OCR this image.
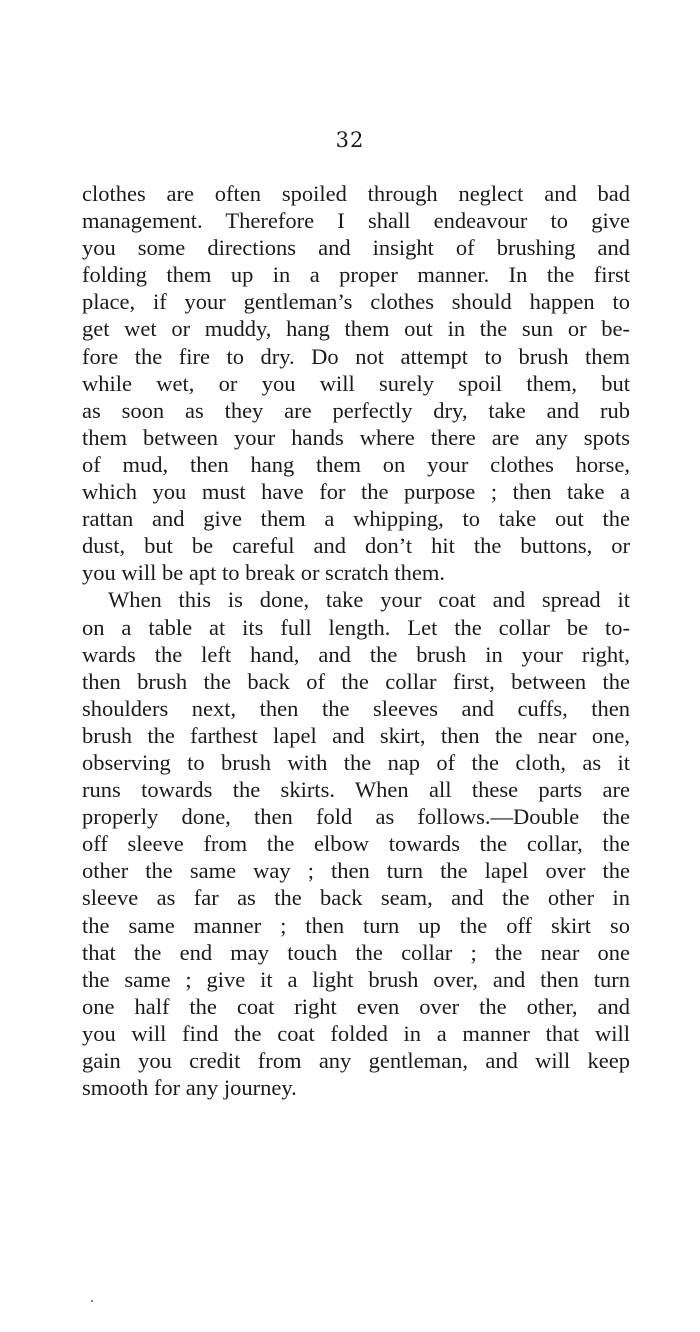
32
clothes are often spoiled through neglect and bad
management. Therefore I shall endeavour to give
you some directions and insight of brushing and
folding them up in a proper manner. In the first
place, if your gentleman’s clothes should happen to
get wet or muddy, hang them out in the sun or be-
fore the fire to dry. Do not attempt to brush them
while wet, or you will surely spoil them, but
as soon as they are perfectly dry, take and rub
them between your hands where there are any spots
of mud, then hang them on your clothes horse,
which you must have for the purpose ; then take a
rattan and give them a whipping, to take out the
dust, but be careful and don’t hit the buttons, or
you will be apt to break or scratch them.
When this is done, take your coat and spread it
on a table at its full length. Let the collar be to-
wards the left hand, and the brush in your right,
then brush the back of the collar first, between the
shoulders next, then the sleeves and cuffs, then
brush the farthest lapel and skirt, then the near one,
observing to brush with the nap of the cloth, as it
runs towards the skirts. When all these parts are
properly done, then fold as follows.—Double the
off sleeve from the elbow towards the collar, the
other the same way ; then turn the lapel over the
sleeve as far as the back seam, and the other in
the same manner ; then turn up the off skirt so
that the end may touch the collar ; the near one
the same ; give it a light brush over, and then turn
one half the coat right even over the other, and
you will find the coat folded in a manner that will
gain you credit from any gentleman, and will keep
smooth for any journey.
